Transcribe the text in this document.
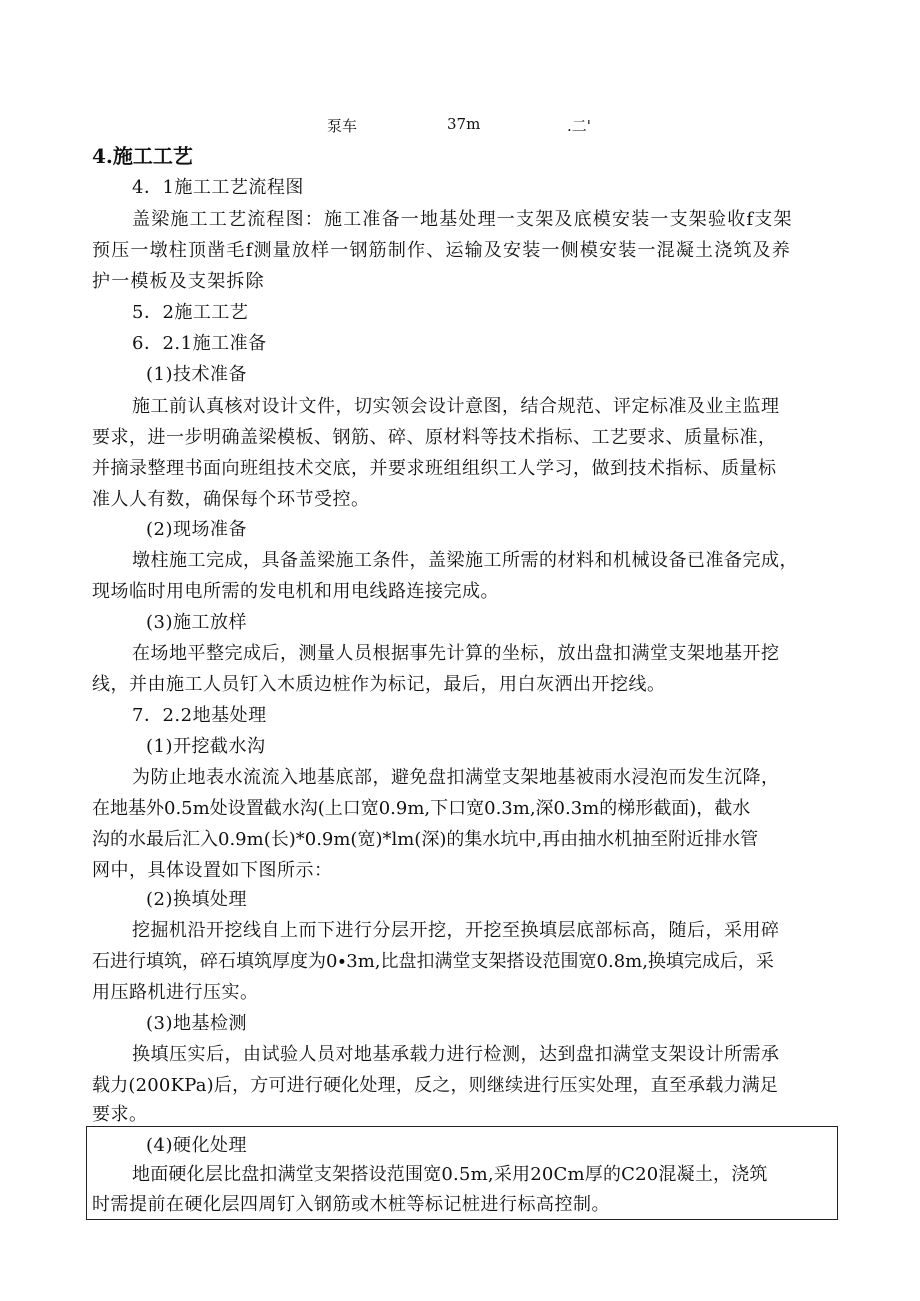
泵车	37m	.二'
4.施工工艺
4．1施工工艺流程图
盖梁施工工艺流程图：施工准备一地基处理一支架及底模安装一支架验收f支架
预压一墩柱顶凿毛f测量放样一钢筋制作、运输及安装一侧模安装一混凝土浇筑及养
护一模板及支架拆除
5．2施工工艺
6．2.1施工准备
(1)技术准备
施工前认真核对设计文件，切实领会设计意图，结合规范、评定标准及业主监理
要求，进一步明确盖梁模板、钢筋、碎、原材料等技术指标、工艺要求、质量标准，
并摘录整理书面向班组技术交底，并要求班组组织工人学习，做到技术指标、质量标
准人人有数，确保每个环节受控。
(2)现场准备
墩柱施工完成，具备盖梁施工条件，盖梁施工所需的材料和机械设备已准备完成，
现场临时用电所需的发电机和用电线路连接完成。
(3)施工放样
在场地平整完成后，测量人员根据事先计算的坐标，放出盘扣满堂支架地基开挖
线，并由施工人员钉入木质边桩作为标记，最后，用白灰洒出开挖线。
7．2.2地基处理
(1)开挖截水沟
为防止地表水流流入地基底部，避免盘扣满堂支架地基被雨水浸泡而发生沉降，
在地基外0.5m处设置截水沟(上口宽0.9m,下口宽0.3m,深0.3m的梯形截面)，截水
沟的水最后汇入0.9m(长)*0.9m(宽)*lm(深)的集水坑中,再由抽水机抽至附近排水管
网中，具体设置如下图所示：
(2)换填处理
挖掘机沿开挖线自上而下进行分层开挖，开挖至换填层底部标高，随后，采用碎
石进行填筑，碎石填筑厚度为0∙3m,比盘扣满堂支架搭设范围宽0.8m,换填完成后，采
用压路机进行压实。
(3)地基检测
换填压实后，由试验人员对地基承载力进行检测，达到盘扣满堂支架设计所需承
载力(200KPa)后，方可进行硬化处理，反之，则继续进行压实处理，直至承载力满足
要求。
(4)硬化处理
地面硬化层比盘扣满堂支架搭设范围宽0.5m,采用20Cm厚的C20混凝土，浇筑
时需提前在硬化层四周钉入钢筋或木桩等标记桩进行标高控制。
